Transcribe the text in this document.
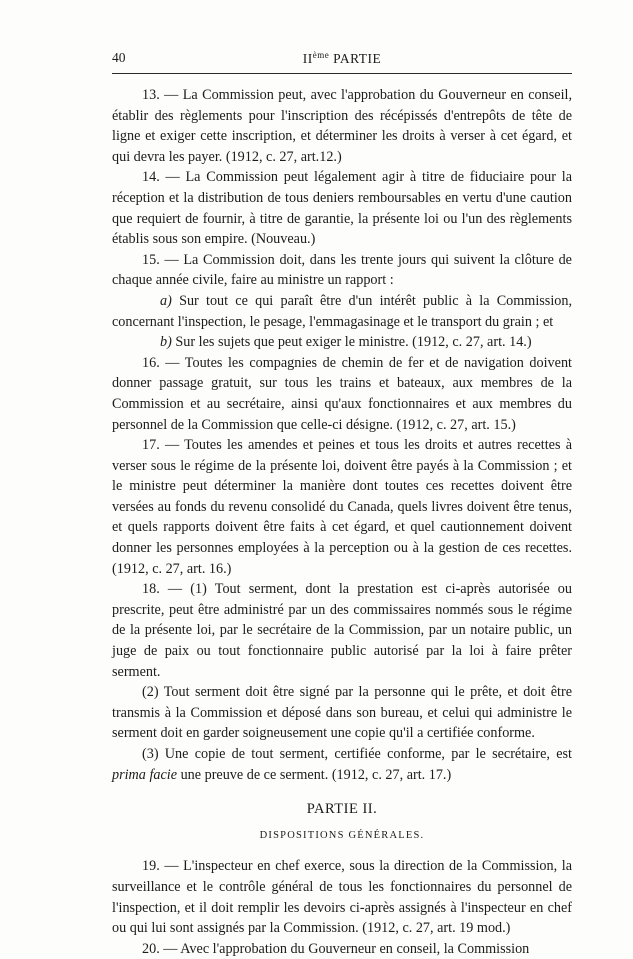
40	IIème PARTIE

13. — La Commission peut, avec l'approbation du Gouverneur en conseil, établir des règlements pour l'inscription des récépissés d'entrepôts de tête de ligne et exiger cette inscription, et déterminer les droits à verser à cet égard, et qui devra les payer. (1912, c. 27, art.12.)

14. — La Commission peut légalement agir à titre de fiduciaire pour la réception et la distribution de tous deniers remboursables en vertu d'une caution que requiert de fournir, à titre de garantie, la présente loi ou l'un des règlements établis sous son empire. (Nouveau.)

15. — La Commission doit, dans les trente jours qui suivent la clôture de chaque année civile, faire au ministre un rapport :

a) Sur tout ce qui paraît être d'un intérêt public à la Commission, concernant l'inspection, le pesage, l'emmagasinage et le transport du grain ; et

b) Sur les sujets que peut exiger le ministre. (1912, c. 27, art. 14.)

16. — Toutes les compagnies de chemin de fer et de navigation doivent donner passage gratuit, sur tous les trains et bateaux, aux membres de la Commission et au secrétaire, ainsi qu'aux fonctionnaires et aux membres du personnel de la Commission que celle-ci désigne. (1912, c. 27, art. 15.)

17. — Toutes les amendes et peines et tous les droits et autres recettes à verser sous le régime de la présente loi, doivent être payés à la Commission ; et le ministre peut déterminer la manière dont toutes ces recettes doivent être versées au fonds du revenu consolidé du Canada, quels livres doivent être tenus, et quels rapports doivent être faits à cet égard, et quel cautionnement doivent donner les personnes employées à la perception ou à la gestion de ces recettes. (1912, c. 27, art. 16.)

18. — (1) Tout serment, dont la prestation est ci-après autorisée ou prescrite, peut être administré par un des commissaires nommés sous le régime de la présente loi, par le secrétaire de la Commission, par un notaire public, un juge de paix ou tout fonctionnaire public autorisé par la loi à faire prêter serment.

(2) Tout serment doit être signé par la personne qui le prête, et doit être transmis à la Commission et déposé dans son bureau, et celui qui administre le serment doit en garder soigneusement une copie qu'il a certifiée conforme.

(3) Une copie de tout serment, certifiée conforme, par le secrétaire, est prima facie une preuve de ce serment. (1912, c. 27, art. 17.)

PARTIE II.

DISPOSITIONS GÉNÉRALES.

19. — L'inspecteur en chef exerce, sous la direction de la Commission, la surveillance et le contrôle général de tous les fonctionnaires du personnel de l'inspection, et il doit remplir les devoirs ci-après assignés à l'inspecteur en chef ou qui lui sont assignés par la Commission. (1912, c. 27, art. 19 mod.)

20. — Avec l'approbation du Gouverneur en conseil, la Commission
